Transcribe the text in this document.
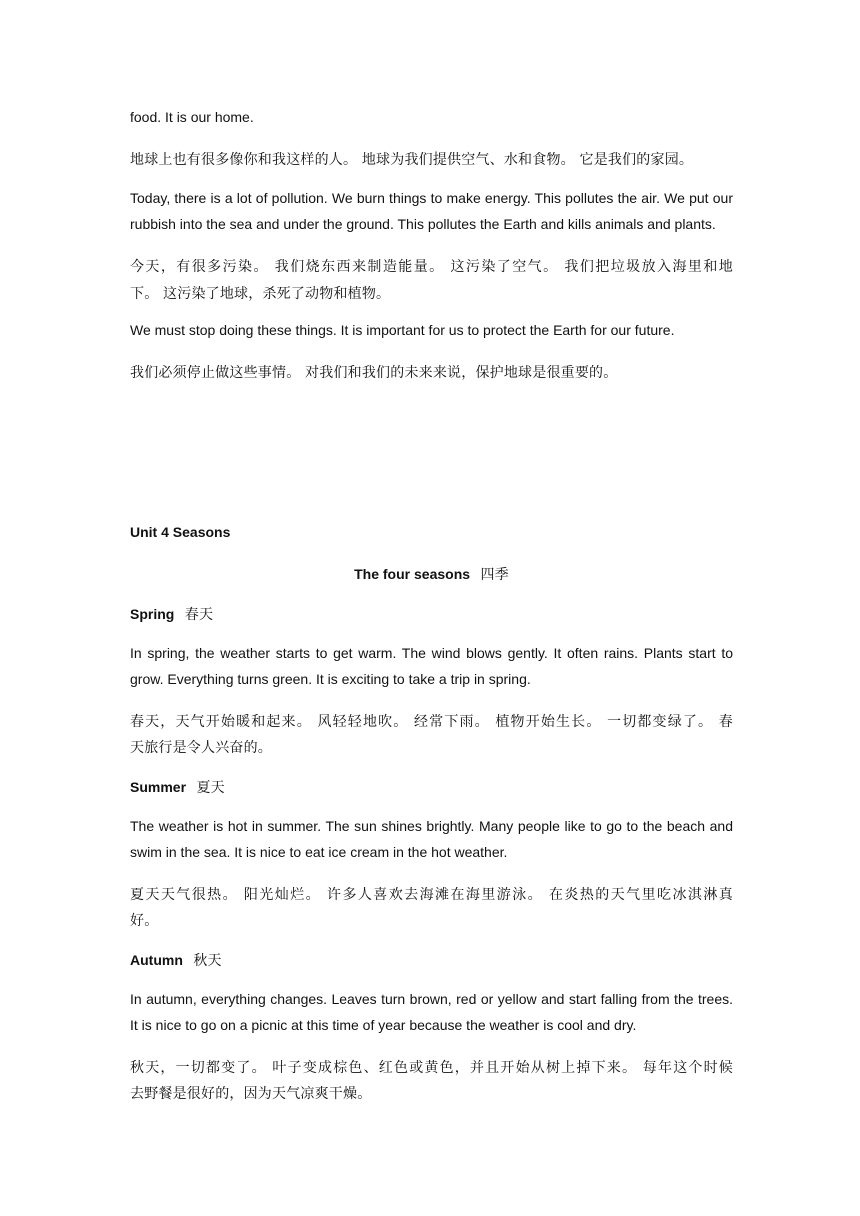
food. It is our home.

地球上也有很多像你和我这样的人。 地球为我们提供空气、水和食物。 它是我们的家园。

Today, there is a lot of pollution. We burn things to make energy. This pollutes the air. We put our

rubbish into the sea and under the ground. This pollutes the Earth and kills animals and plants.

今天，有很多污染。 我们烧东西来制造能量。 这污染了空气。 我们把垃圾放入海里和地

下。 这污染了地球，杀死了动物和植物。

We must stop doing these things. It is important for us to protect the Earth for our future.

我们必须停止做这些事情。 对我们和我们的未来来说，保护地球是很重要的。

Unit 4 Seasons

The four seasons 四季

Spring 春天

In spring, the weather starts to get warm. The wind blows gently. It often rains. Plants start to

grow. Everything turns green. It is exciting to take a trip in spring.

春天，天气开始暖和起来。 风轻轻地吹。 经常下雨。 植物开始生长。 一切都变绿了。 春

天旅行是令人兴奋的。

Summer 夏天

The weather is hot in summer. The sun shines brightly. Many people like to go to the beach and

swim in the sea. It is nice to eat ice cream in the hot weather.

夏天天气很热。 阳光灿烂。 许多人喜欢去海滩在海里游泳。 在炎热的天气里吃冰淇淋真

好。

Autumn 秋天

In autumn, everything changes. Leaves turn brown, red or yellow and start falling from the trees.

It is nice to go on a picnic at this time of year because the weather is cool and dry.

秋天，一切都变了。 叶子变成棕色、红色或黄色，并且开始从树上掉下来。 每年这个时候

去野餐是很好的，因为天气凉爽干燥。
